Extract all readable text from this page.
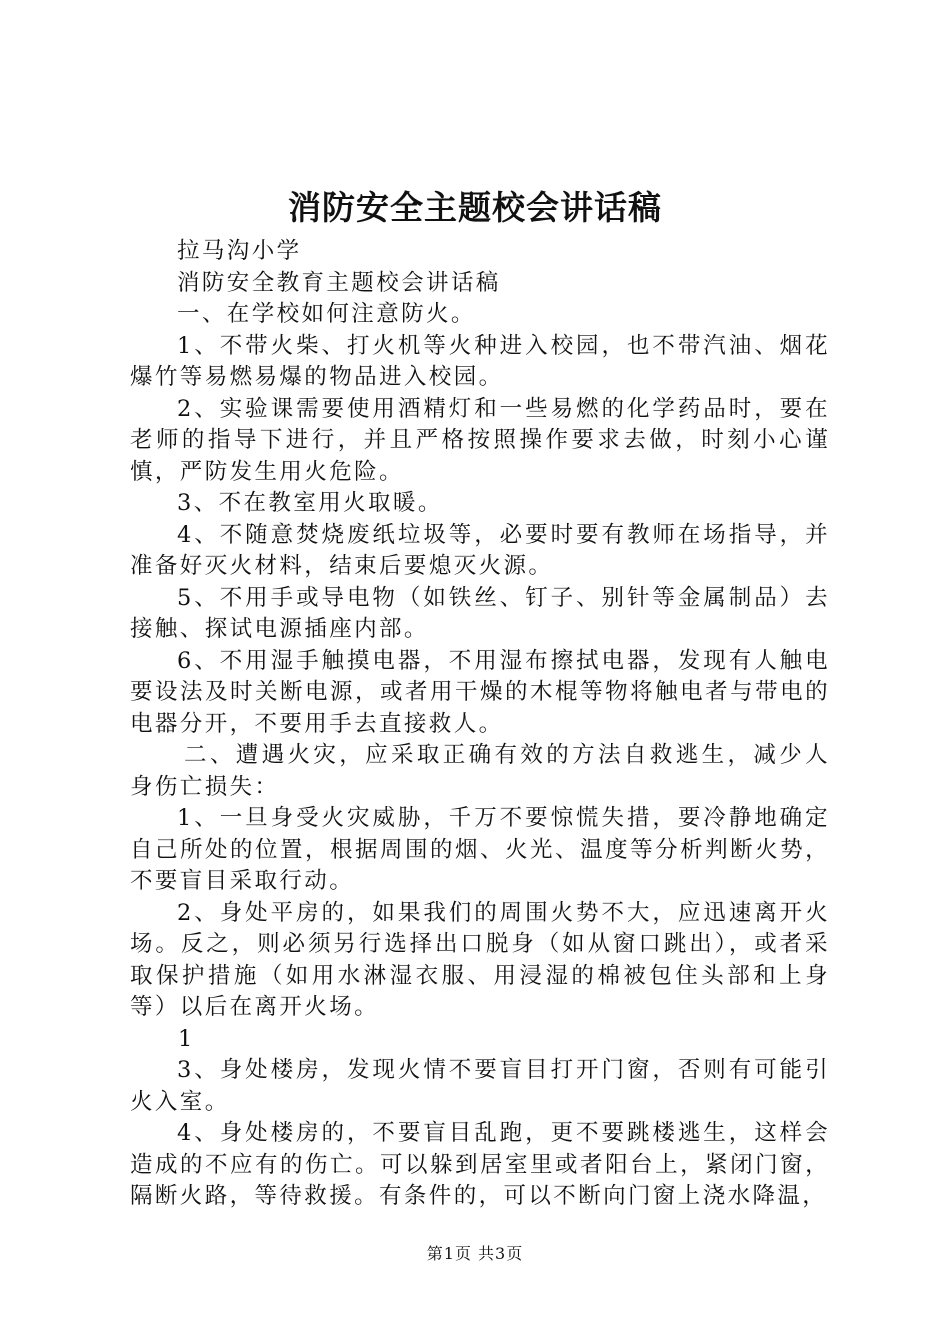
消防安全主题校会讲话稿

拉马沟小学

消防安全教育主题校会讲话稿

一、在学校如何注意防火。

1、不带火柴、打火机等火种进入校园，也不带汽油、烟花爆竹等易燃易爆的物品进入校园。

2、实验课需要使用酒精灯和一些易燃的化学药品时，要在老师的指导下进行，并且严格按照操作要求去做，时刻小心谨慎，严防发生用火危险。

3、不在教室用火取暖。

4、不随意焚烧废纸垃圾等，必要时要有教师在场指导，并准备好灭火材料，结束后要熄灭火源。

5、不用手或导电物（如铁丝、钉子、别针等金属制品）去接触、探试电源插座内部。

6、不用湿手触摸电器，不用湿布擦拭电器，发现有人触电要设法及时关断电源，或者用干燥的木棍等物将触电者与带电的电器分开，不要用手去直接救人。

二、遭遇火灾，应采取正确有效的方法自救逃生，减少人身伤亡损失：

1、一旦身受火灾威胁，千万不要惊慌失措，要冷静地确定自己所处的位置，根据周围的烟、火光、温度等分析判断火势，不要盲目采取行动。

2、身处平房的，如果我们的周围火势不大，应迅速离开火场。反之，则必须另行选择出口脱身（如从窗口跳出），或者采取保护措施（如用水淋湿衣服、用浸湿的棉被包住头部和上身等）以后在离开火场。

1

3、身处楼房，发现火情不要盲目打开门窗，否则有可能引火入室。

4、身处楼房的，不要盲目乱跑，更不要跳楼逃生，这样会造成的不应有的伤亡。可以躲到居室里或者阳台上，紧闭门窗，隔断火路，等待救援。有条件的，可以不断向门窗上浇水降温，

第1页 共3页
